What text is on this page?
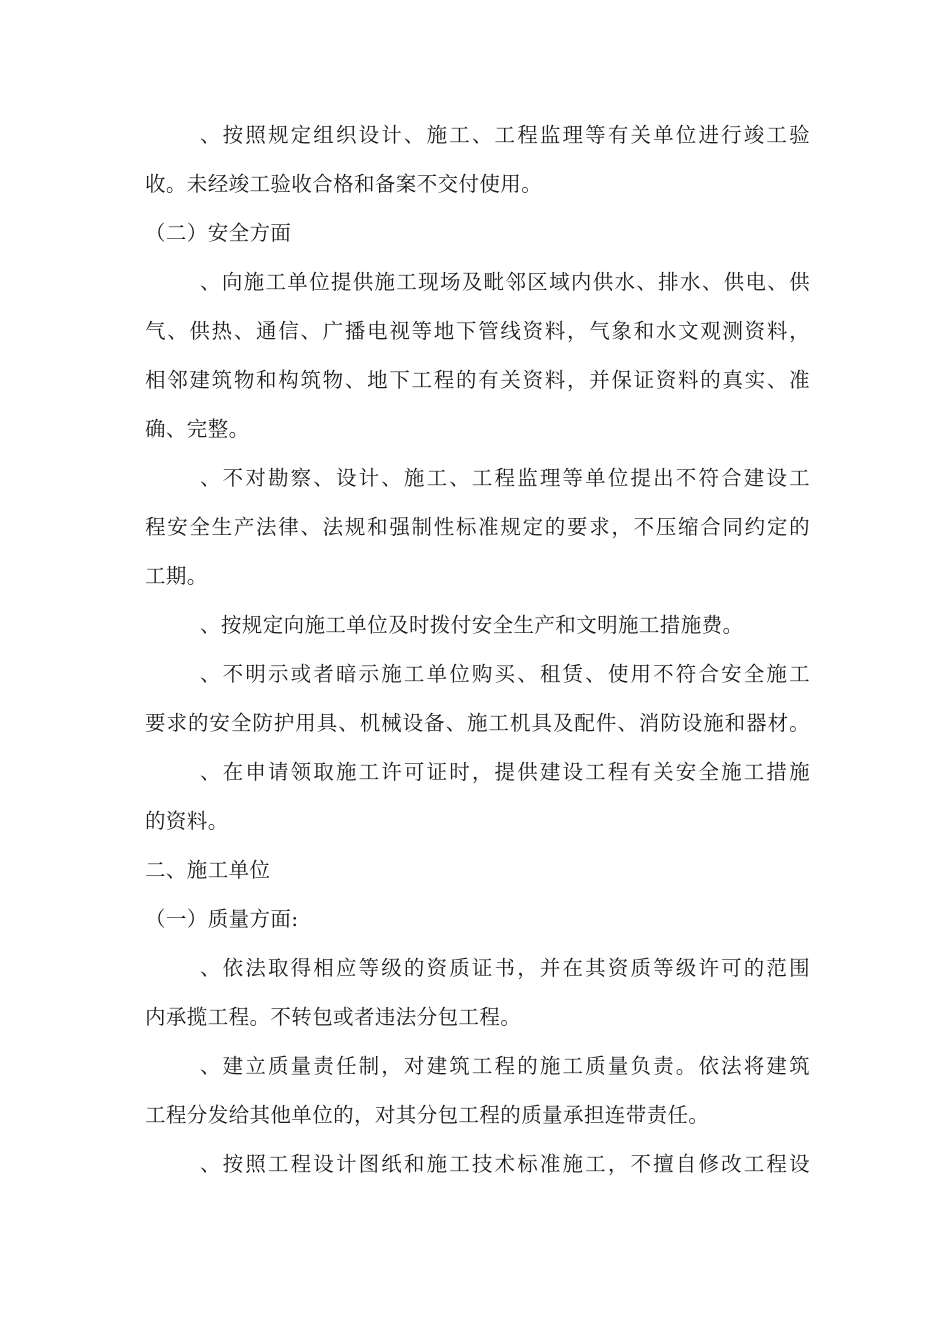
、按照规定组织设计、施工、工程监理等有关单位进行竣工验
收。未经竣工验收合格和备案不交付使用。
（二）安全方面
、向施工单位提供施工现场及毗邻区域内供水、排水、供电、供
气、供热、通信、广播电视等地下管线资料，气象和水文观测资料，
相邻建筑物和构筑物、地下工程的有关资料，并保证资料的真实、准
确、完整。
、不对勘察、设计、施工、工程监理等单位提出不符合建设工
程安全生产法律、法规和强制性标准规定的要求，不压缩合同约定的
工期。
、按规定向施工单位及时拨付安全生产和文明施工措施费。
、不明示或者暗示施工单位购买、租赁、使用不符合安全施工
要求的安全防护用具、机械设备、施工机具及配件、消防设施和器材。
、在申请领取施工许可证时，提供建设工程有关安全施工措施
的资料。
二、施工单位
（一）质量方面:
、依法取得相应等级的资质证书，并在其资质等级许可的范围
内承揽工程。不转包或者违法分包工程。
、建立质量责任制，对建筑工程的施工质量负责。依法将建筑
工程分发给其他单位的，对其分包工程的质量承担连带责任。
、按照工程设计图纸和施工技术标准施工，不擅自修改工程设
